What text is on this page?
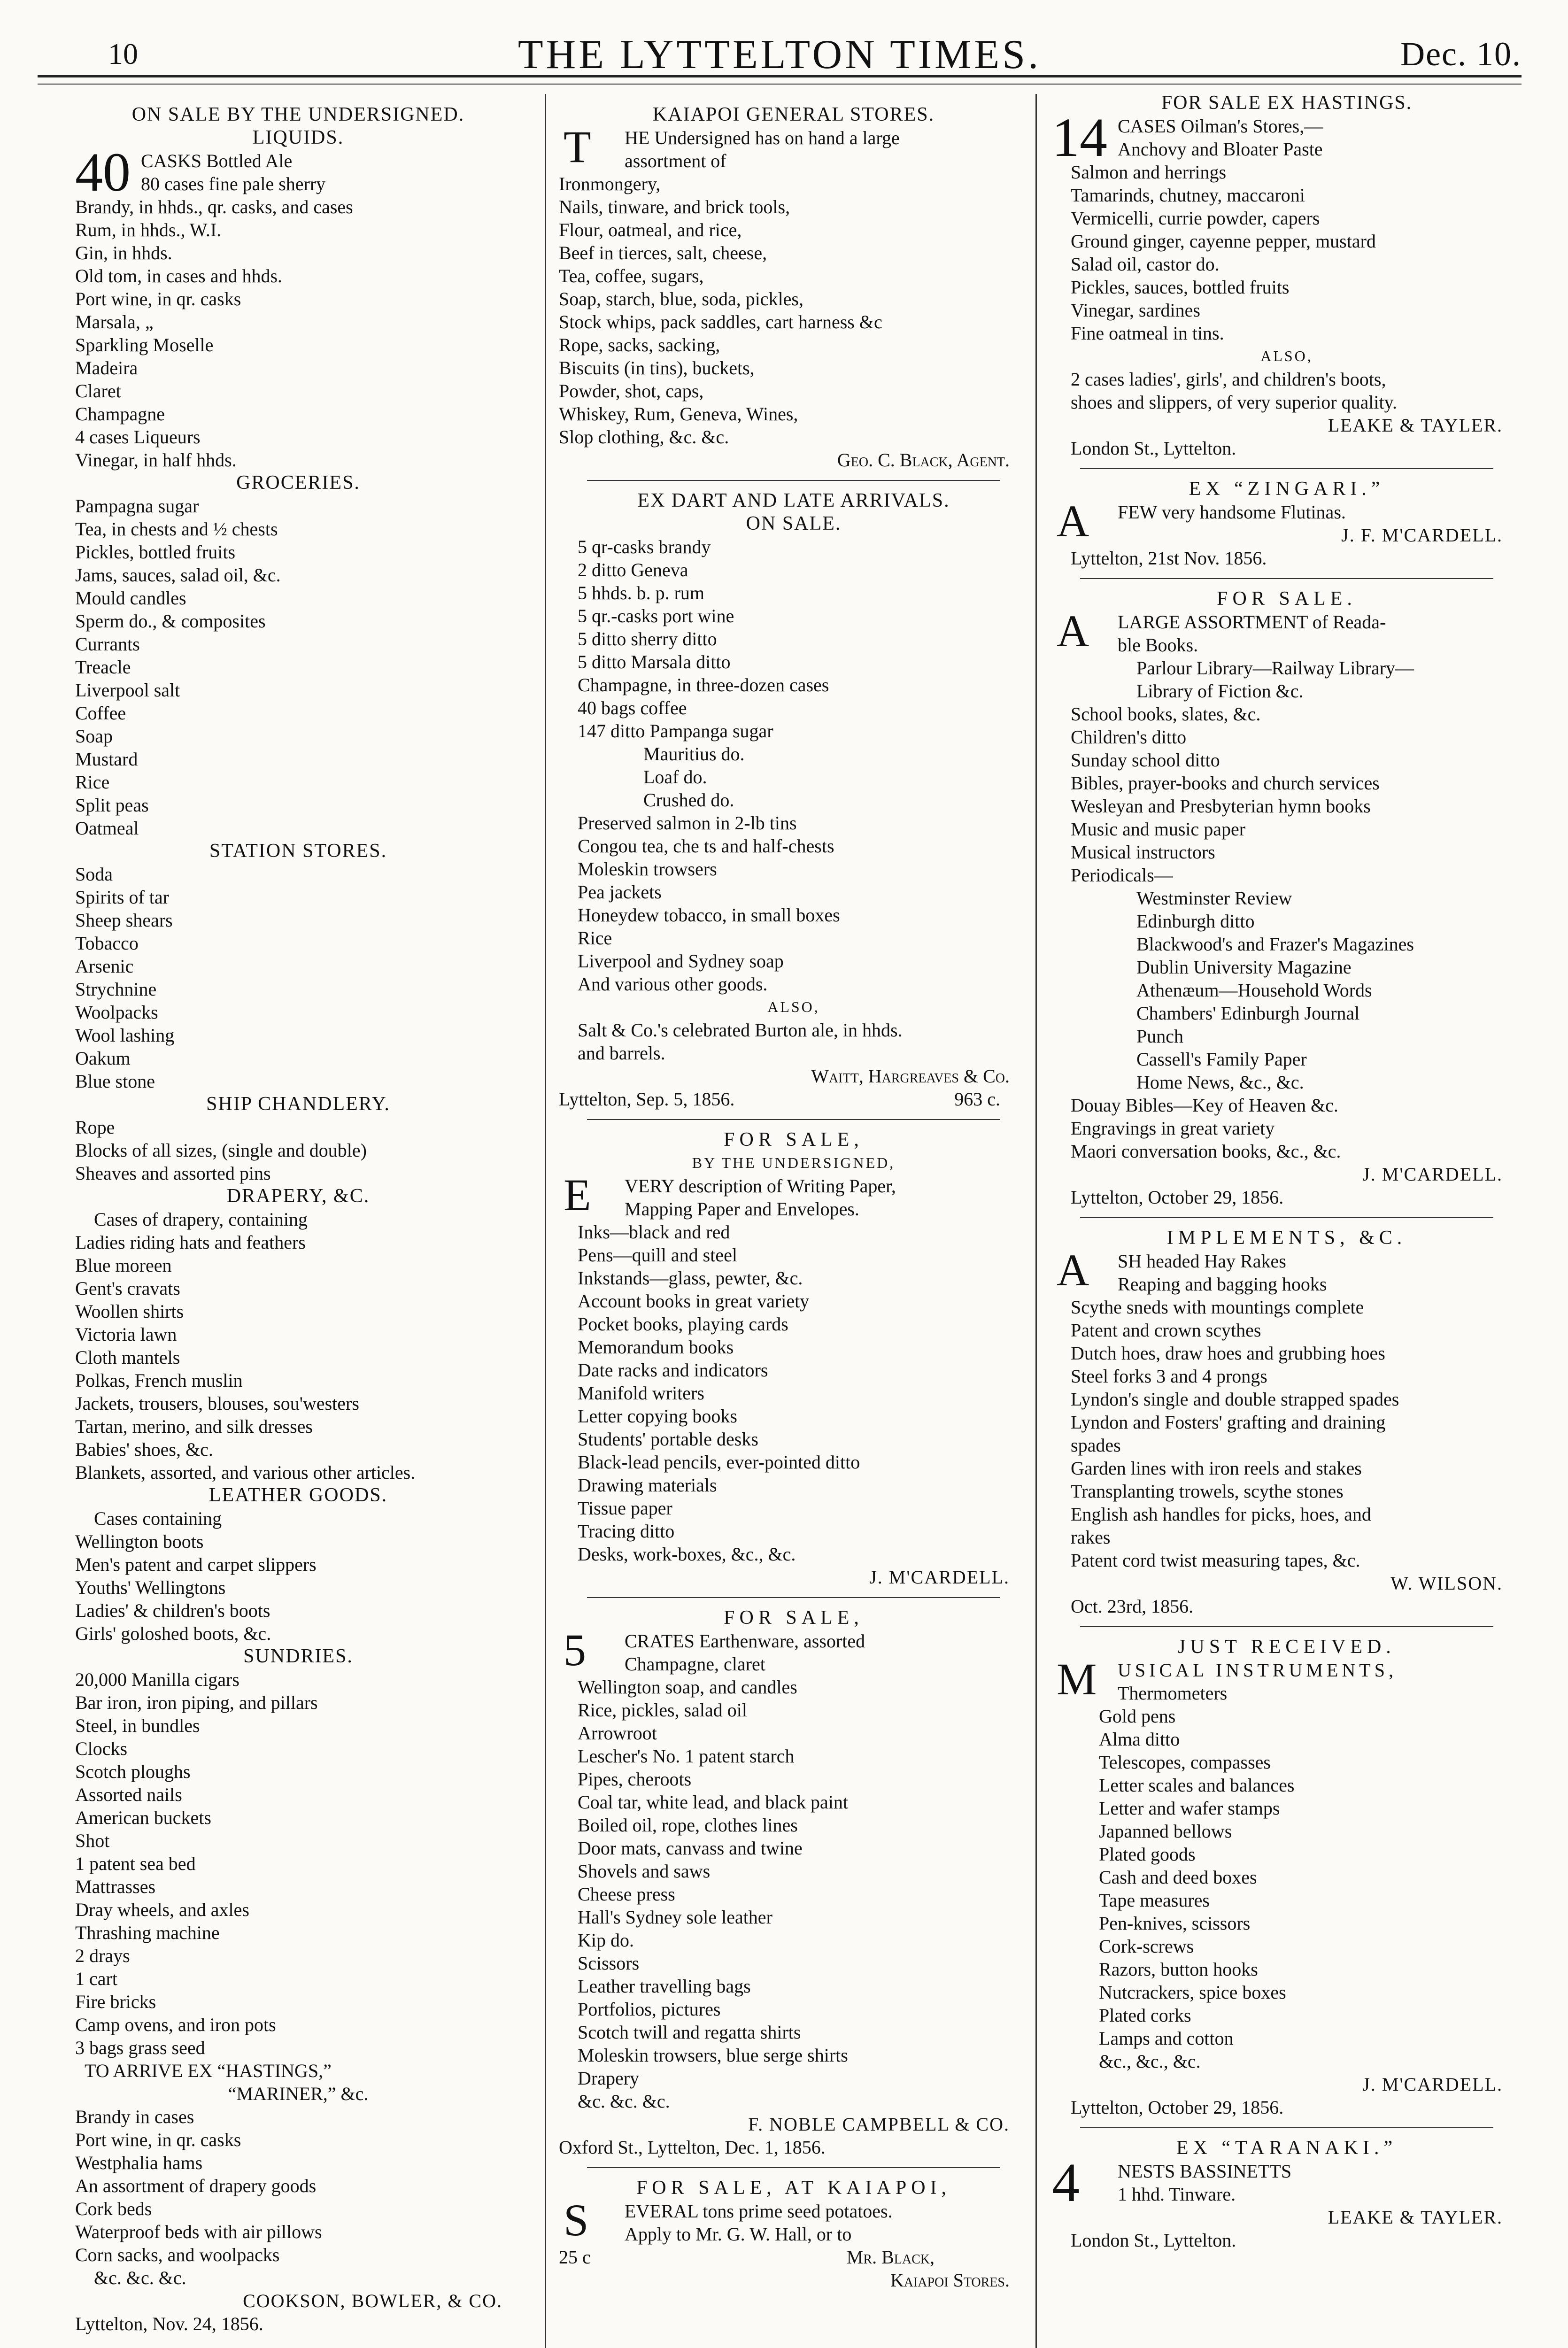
10	THE LYTTELTON TIMES.	Dec. 10.
ON SALE BY THE UNDERSIGNED.
LIQUIDS.
40 CASKS Bottled Ale
80 cases fine pale sherry
Brandy, in hhds., qr. casks, and cases
Rum, in hhds., W.I.
Gin, in hhds.
Old tom, in cases and hhds.
Port wine, in qr. casks
Marsala, „
Sparkling Moselle
Madeira
Claret
Champagne
4 cases Liqueurs
Vinegar, in half hhds.
GROCERIES.
Pampagna sugar
Tea, in chests and ½ chests
Pickles, bottled fruits
Jams, sauces, salad oil, &c.
Mould candles
Sperm do., & composites
Currants
Treacle
Liverpool salt
Coffee
Soap
Mustard
Rice
Split peas
Oatmeal
STATION STORES.
Soda
Spirits of tar
Sheep shears
Tobacco
Arsenic
Strychnine
Woolpacks
Wool lashing
Oakum
Blue stone
SHIP CHANDLERY.
Rope
Blocks of all sizes, (single and double)
Sheaves and assorted pins
DRAPERY, &C.
Cases of drapery, containing
Ladies riding hats and feathers
Blue moreen
Gent's cravats
Woollen shirts
Victoria lawn
Cloth mantels
Polkas, French muslin
Jackets, trousers, blouses, sou'westers
Tartan, merino, and silk dresses
Babies' shoes, &c.
Blankets, assorted, and various other articles.
LEATHER GOODS.
Cases containing
Wellington boots
Men's patent and carpet slippers
Youths' Wellingtons
Ladies' & children's boots
Girls' goloshed boots, &c.
SUNDRIES.
20,000 Manilla cigars
Bar iron, iron piping, and pillars
Steel, in bundles
Clocks
Scotch ploughs
Assorted nails
American buckets
Shot
1 patent sea bed
Mattrasses
Dray wheels, and axles
Thrashing machine
2 drays
1 cart
Fire bricks
Camp ovens, and iron pots
3 bags grass seed
TO ARRIVE EX “HASTINGS,”
“MARINER,” &c.
Brandy in cases
Port wine, in qr. casks
Westphalia hams
An assortment of drapery goods
Cork beds
Waterproof beds with air pillows
Corn sacks, and woolpacks
&c. &c. &c.
COOKSON, BOWLER, & CO.
Lyttelton, Nov. 24, 1856.
KAIAPOI GENERAL STORES.
T HE Undersigned has on hand a large
assortment of
Ironmongery,
Nails, tinware, and brick tools,
Flour, oatmeal, and rice,
Beef in tierces, salt, cheese,
Tea, coffee, sugars,
Soap, starch, blue, soda, pickles,
Stock whips, pack saddles, cart harness &c
Rope, sacks, sacking,
Biscuits (in tins), buckets,
Powder, shot, caps,
Whiskey, Rum, Geneva, Wines,
Slop clothing, &c. &c.
Geo. C. Black, Agent.
EX DART AND LATE ARRIVALS.
ON SALE.
5 qr-casks brandy
2 ditto Geneva
5 hhds. b. p. rum
5 qr.-casks port wine
5 ditto sherry ditto
5 ditto Marsala ditto
Champagne, in three-dozen cases
40 bags coffee
147 ditto Pampanga sugar
Mauritius do.
Loaf do.
Crushed do.
Preserved salmon in 2-lb tins
Congou tea, che ts and half-chests
Moleskin trowsers
Pea jackets
Honeydew tobacco, in small boxes
Rice
Liverpool and Sydney soap
And various other goods.
ALSO,
Salt & Co.'s celebrated Burton ale, in hhds.
and barrels.
Waitt, Hargreaves & Co.
Lyttelton, Sep. 5, 1856.	963 c.
FOR SALE,
BY THE UNDERSIGNED,
E VERY description of Writing Paper,
Mapping Paper and Envelopes.
Inks—black and red
Pens—quill and steel
Inkstands—glass, pewter, &c.
Account books in great variety
Pocket books, playing cards
Memorandum books
Date racks and indicators
Manifold writers
Letter copying books
Students' portable desks
Black-lead pencils, ever-pointed ditto
Drawing materials
Tissue paper
Tracing ditto
Desks, work-boxes, &c., &c.
J. M'CARDELL.
FOR SALE,
5 CRATES Earthenware, assorted
Champagne, claret
Wellington soap, and candles
Rice, pickles, salad oil
Arrowroot
Lescher's No. 1 patent starch
Pipes, cheroots
Coal tar, white lead, and black paint
Boiled oil, rope, clothes lines
Door mats, canvass and twine
Shovels and saws
Cheese press
Hall's Sydney sole leather
Kip do.
Scissors
Leather travelling bags
Portfolios, pictures
Scotch twill and regatta shirts
Moleskin trowsers, blue serge shirts
Drapery
&c. &c. &c.
F. NOBLE CAMPBELL & CO.
Oxford St., Lyttelton, Dec. 1, 1856.
FOR SALE, AT KAIAPOI,
S EVERAL tons prime seed potatoes.
Apply to Mr. G. W. Hall, or to
25 c	Mr. Black,
Kaiapoi Stores.
FOR SALE EX HASTINGS.
14 CASES Oilman's Stores,—
Anchovy and Bloater Paste
Salmon and herrings
Tamarinds, chutney, maccaroni
Vermicelli, currie powder, capers
Ground ginger, cayenne pepper, mustard
Salad oil, castor do.
Pickles, sauces, bottled fruits
Vinegar, sardines
Fine oatmeal in tins.
ALSO,
2 cases ladies', girls', and children's boots,
shoes and slippers, of very superior quality.
LEAKE & TAYLER.
London St., Lyttelton.
EX “ZINGARI.”
A FEW very handsome Flutinas.
J. F. M'CARDELL.
Lyttelton, 21st Nov. 1856.
FOR SALE.
A LARGE ASSORTMENT of Reada-
ble Books.
Parlour Library—Railway Library—
Library of Fiction &c.
School books, slates, &c.
Children's ditto
Sunday school ditto
Bibles, prayer-books and church services
Wesleyan and Presbyterian hymn books
Music and music paper
Musical instructors
Periodicals—
Westminster Review
Edinburgh ditto
Blackwood's and Frazer's Magazines
Dublin University Magazine
Athenæum—Household Words
Chambers' Edinburgh Journal
Punch
Cassell's Family Paper
Home News, &c., &c.
Douay Bibles—Key of Heaven &c.
Engravings in great variety
Maori conversation books, &c., &c.
J. M'CARDELL.
Lyttelton, October 29, 1856.
IMPLEMENTS, &C.
A SH headed Hay Rakes
Reaping and bagging hooks
Scythe sneds with mountings complete
Patent and crown scythes
Dutch hoes, draw hoes and grubbing hoes
Steel forks 3 and 4 prongs
Lyndon's single and double strapped spades
Lyndon and Fosters' grafting and draining
spades
Garden lines with iron reels and stakes
Transplanting trowels, scythe stones
English ash handles for picks, hoes, and
rakes
Patent cord twist measuring tapes, &c.
W. WILSON.
Oct. 23rd, 1856.
JUST RECEIVED.
M USICAL INSTRUMENTS,
Thermometers
Gold pens
Alma ditto
Telescopes, compasses
Letter scales and balances
Letter and wafer stamps
Japanned bellows
Plated goods
Cash and deed boxes
Tape measures
Pen-knives, scissors
Cork-screws
Razors, button hooks
Nutcrackers, spice boxes
Plated corks
Lamps and cotton
&c., &c., &c.
J. M'CARDELL.
Lyttelton, October 29, 1856.
EX “TARANAKI.”
4 NESTS BASSINETTS
1 hhd. Tinware.
LEAKE & TAYLER.
London St., Lyttelton.
